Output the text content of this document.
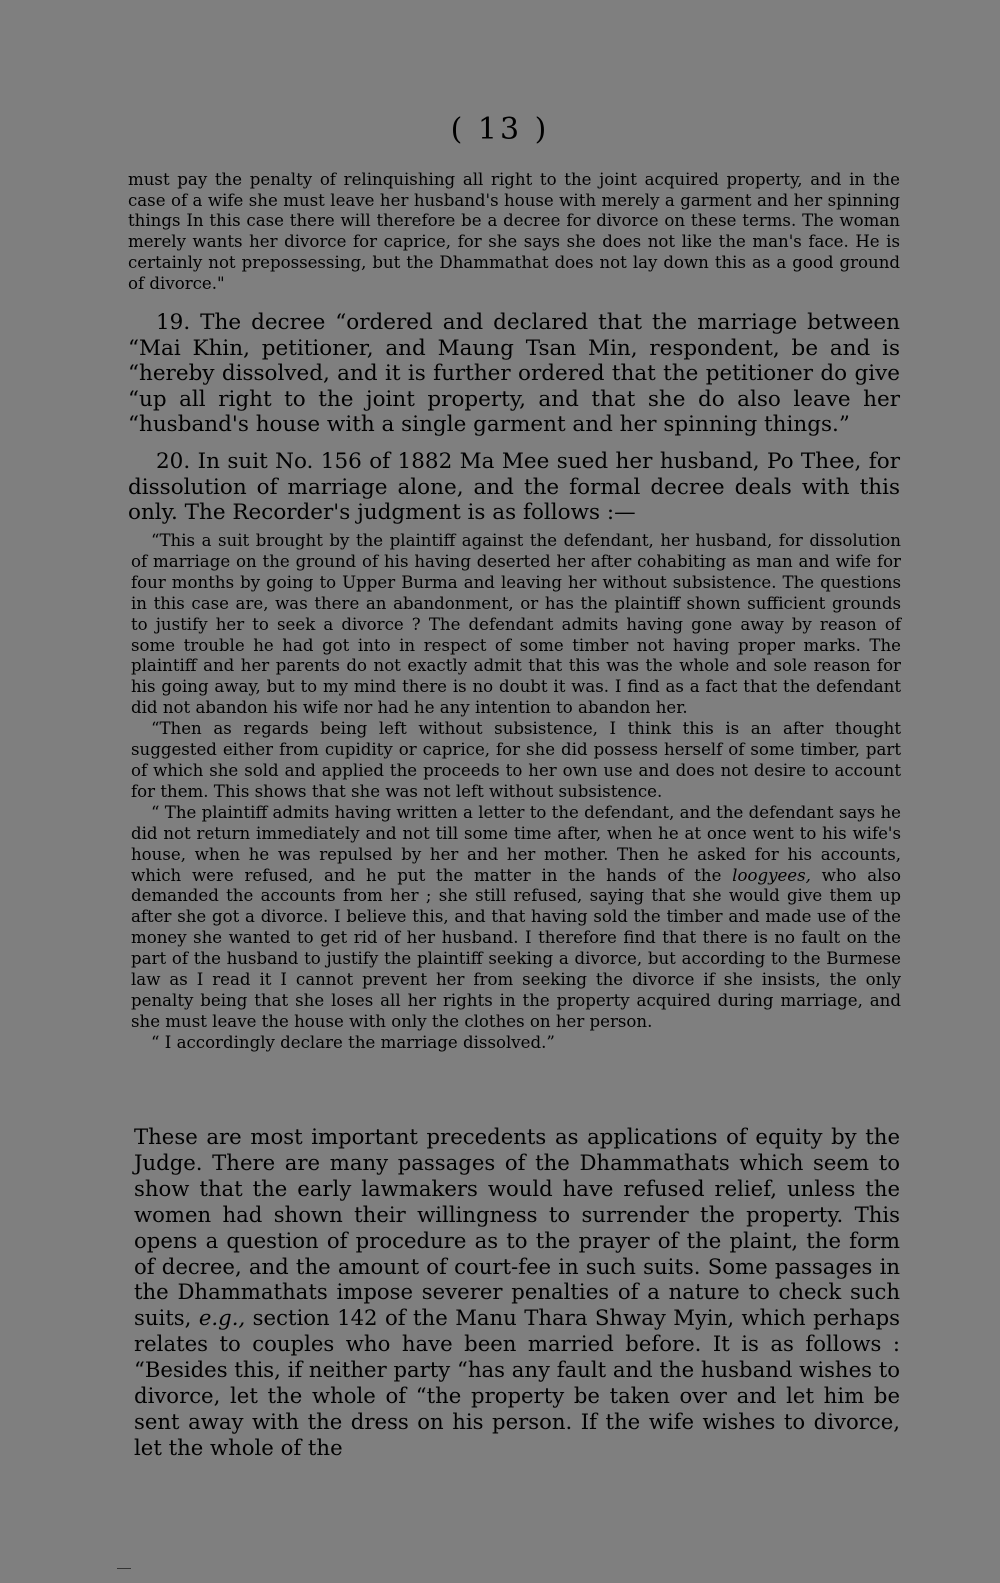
( 13 )

must pay the penalty of relinquishing all right to the joint acquired property, and in the case of a wife she must leave her husband's house with merely a garment and her spinning things In this case there will therefore be a decree for divorce on these terms. The woman merely wants her divorce for caprice, for she says she does not like the man's face. He is certainly not prepossessing, but the Dhammathat does not lay down this as a good ground of divorce."

19. The decree “ordered and declared that the marriage between “Mai Khin, petitioner, and Maung Tsan Min, respondent, be and is “hereby dissolved, and it is further ordered that the petitioner do give “up all right to the joint property, and that she do also leave her “husband's house with a single garment and her spinning things.”

20. In suit No. 156 of 1882 Ma Mee sued her husband, Po Thee, for dissolution of marriage alone, and the formal decree deals with this only. The Recorder's judgment is as follows :—

“This a suit brought by the plaintiff against the defendant, her husband, for dissolution of marriage on the ground of his having deserted her after cohabiting as man and wife for four months by going to Upper Burma and leaving her without subsistence. The questions in this case are, was there an abandonment, or has the plaintiff shown sufficient grounds to justify her to seek a divorce ? The defendant admits having gone away by reason of some trouble he had got into in respect of some timber not having proper marks. The plaintiff and her parents do not exactly admit that this was the whole and sole reason for his going away, but to my mind there is no doubt it was. I find as a fact that the defendant did not abandon his wife nor had he any intention to abandon her.

“Then as regards being left without subsistence, I think this is an after thought suggested either from cupidity or caprice, for she did possess herself of some timber, part of which she sold and applied the proceeds to her own use and does not desire to account for them. This shows that she was not left without subsistence.

“ The plaintiff admits having written a letter to the defendant, and the defendant says he did not return immediately and not till some time after, when he at once went to his wife's house, when he was repulsed by her and her mother. Then he asked for his accounts, which were refused, and he put the matter in the hands of the loogyees, who also demanded the accounts from her ; she still refused, saying that she would give them up after she got a divorce. I believe this, and that having sold the timber and made use of the money she wanted to get rid of her husband. I therefore find that there is no fault on the part of the husband to justify the plaintiff seeking a divorce, but according to the Burmese law as I read it I cannot prevent her from seeking the divorce if she insists, the only penalty being that she loses all her rights in the property acquired during marriage, and she must leave the house with only the clothes on her person.

“ I accordingly declare the marriage dissolved.”

These are most important precedents as applications of equity by the Judge. There are many passages of the Dhammathats which seem to show that the early lawmakers would have refused relief, unless the women had shown their willingness to surrender the property. This opens a question of procedure as to the prayer of the plaint, the form of decree, and the amount of court-fee in such suits. Some passages in the Dhammathats impose severer penalties of a nature to check such suits, e.g., section 142 of the Manu Thara Shway Myin, which perhaps relates to couples who have been married before. It is as follows : “Besides this, if neither party “has any fault and the husband wishes to divorce, let the whole of “the property be taken over and let him be sent away with the dress on his person. If the wife wishes to divorce, let the whole of the
